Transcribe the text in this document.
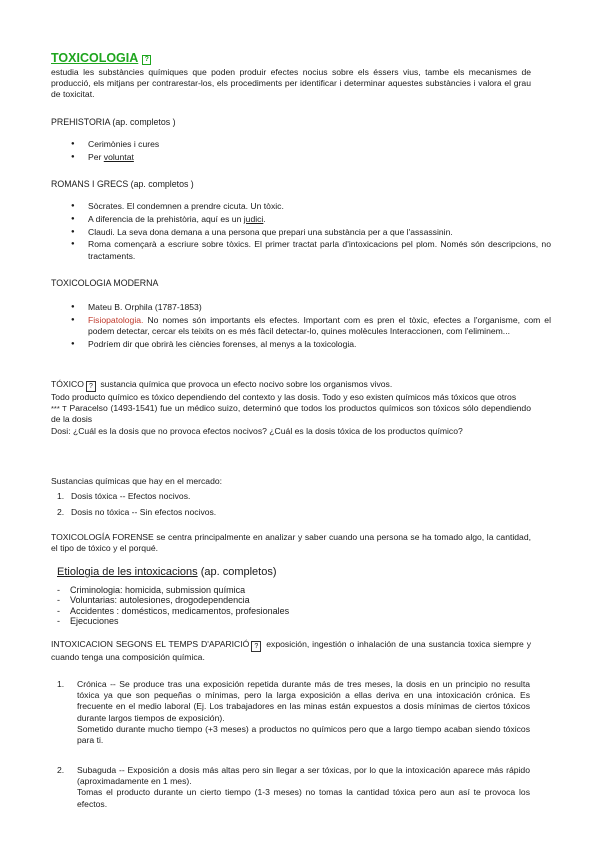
TOXICOLOGIA ?
estudia les substàncies químiques que poden produir efectes nocius sobre els éssers vius, tambe els mecanismes de producció, els mitjans per contrarestar-los, els procediments per identificar i determinar aquestes substàncies i valora el grau de toxicitat.
PREHISTORIA (ap. completos )
● Cerimònies i cures
● Per voluntat
ROMANS I GRECS (ap. completos )
● Sòcrates. El condemnen a prendre cicuta. Un tòxic.
● A diferencia de la prehistòria, aquí es un judici.
● Claudi. La seva dona demana a una persona que prepari una substància per a que l'assassinin.
● Roma començarà a escriure sobre tòxics. El primer tractat parla d'intoxicacions pel plom. Només són descripcions, no tractaments.
TOXICOLOGIA MODERNA
● Mateu B. Orphila (1787-1853)
● Fisiopatologia. No nomes són importants els efectes. Important com es pren el tòxic, efectes a l'organisme, com el podem detectar, cercar els teixits on es més fàcil detectar-lo, quines molècules Interaccionen, com l'eliminem...
● Podríem dir que obrirà les ciències forenses, al menys a la toxicologia.
TÓXICO ? sustancia química que provoca un efecto nocivo sobre los organismos vivos.
Todo producto químico es tóxico dependiendo del contexto y las dosis. Todo y eso existen químicos más tóxicos que otros
*** T Paracelso (1493-1541) fue un médico suizo, determinó que todos los productos químicos son tóxicos sólo dependiendo de la dosis
Dosi: ¿Cuál es la dosis que no provoca efectos nocivos? ¿Cuál es la dosis tóxica de los productos químico?
Sustancias químicas que hay en el mercado:
1. Dosis tóxica -- Efectos nocivos.
2. Dosis no tóxica -- Sin efectos nocivos.
TOXICOLOGÍA FORENSE se centra principalmente en analizar y saber cuando una persona se ha tomado algo, la cantidad, el tipo de tóxico y el porqué.
Etiologia de les intoxicacions (ap. completos)
- Criminologia: homicida, submission química
- Voluntarias: autolesiones, drogodependencia
- Accidentes : domésticos, medicamentos, profesionales
- Ejecuciones
INTOXICACION SEGONS EL TEMPS D'APARICIÓ ? exposición, ingestión o inhalación de una sustancia toxica siempre y cuando tenga una composición química.
1. Crónica -- Se produce tras una exposición repetida durante más de tres meses, la dosis en un principio no resulta tóxica ya que son pequeñas o mínimas, pero la larga exposición a ellas deriva en una intoxicación crónica. Es frecuente en el medio laboral (Ej. Los trabajadores en las minas están expuestos a dosis mínimas de ciertos tóxicos durante largos tiempos de exposición).
Sometido durante mucho tiempo (+3 meses) a productos no químicos pero que a largo tiempo acaban siendo tóxicos para ti.
2. Subaguda -- Exposición a dosis más altas pero sin llegar a ser tóxicas, por lo que la intoxicación aparece más rápido (aproximadamente en 1 mes).
Tomas el producto durante un cierto tiempo (1-3 meses) no tomas la cantidad tóxica pero aun así te provoca los efectos.
